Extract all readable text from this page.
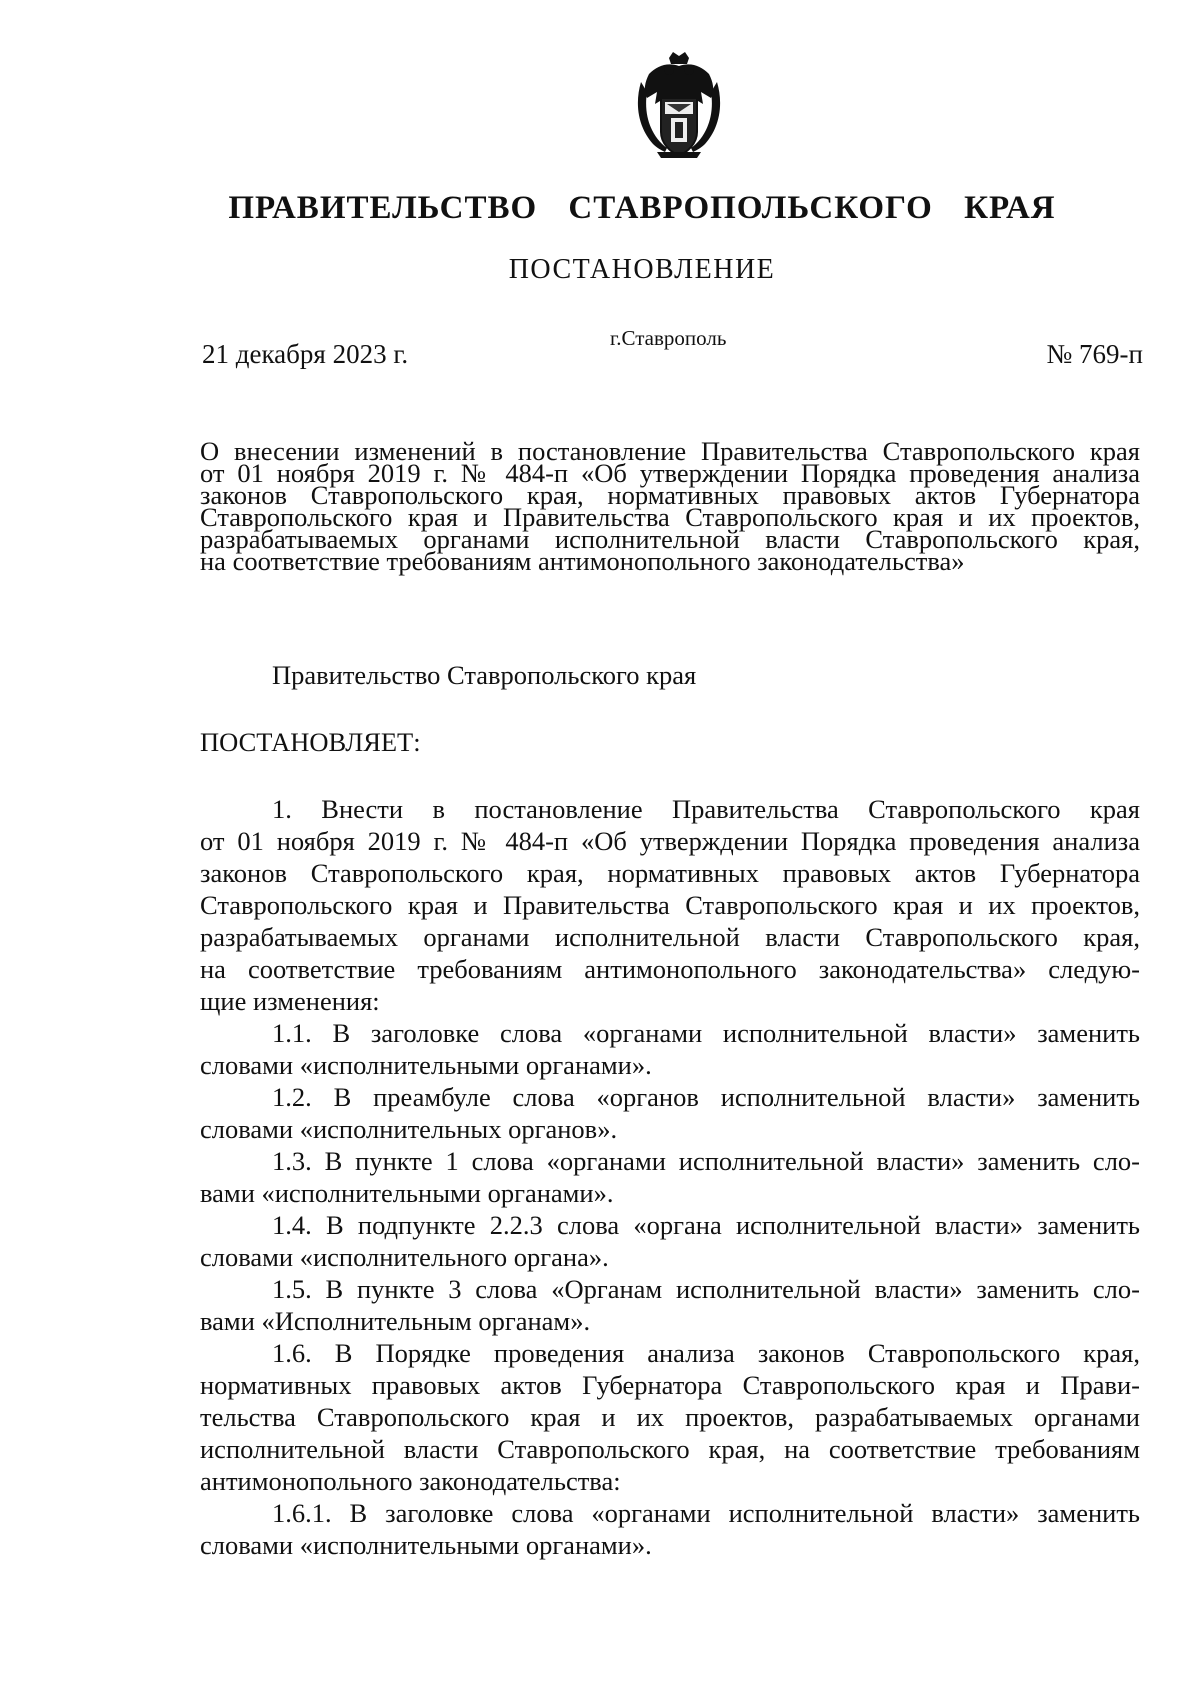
ПРАВИТЕЛЬСТВО СТАВРОПОЛЬСКОГО КРАЯ
ПОСТАНОВЛЕНИЕ
21 декабря 2023 г.
г.Ставрополь
№ 769-п
О внесении изменений в постановление Правительства Ставропольского края
от 01 ноября 2019 г. № 484-п «Об утверждении Порядка проведения анализа
законов Ставропольского края, нормативных правовых актов Губернатора
Ставропольского края и Правительства Ставропольского края и их проектов,
разрабатываемых органами исполнительной власти Ставропольского края,
на соответствие требованиям антимонопольного законодательства»
Правительство Ставропольского края
ПОСТАНОВЛЯЕТ:
1. Внести в постановление Правительства Ставропольского края
от 01 ноября 2019 г. № 484-п «Об утверждении Порядка проведения анализа
законов Ставропольского края, нормативных правовых актов Губернатора
Ставропольского края и Правительства Ставропольского края и их проектов,
разрабатываемых органами исполнительной власти Ставропольского края,
на соответствие требованиям антимонопольного законодательства» следую-
щие изменения:
1.1. В заголовке слова «органами исполнительной власти» заменить
словами «исполнительными органами».
1.2. В преамбуле слова «органов исполнительной власти» заменить
словами «исполнительных органов».
1.3. В пункте 1 слова «органами исполнительной власти» заменить сло-
вами «исполнительными органами».
1.4. В подпункте 2.2.3 слова «органа исполнительной власти» заменить
словами «исполнительного органа».
1.5. В пункте 3 слова «Органам исполнительной власти» заменить сло-
вами «Исполнительным органам».
1.6. В Порядке проведения анализа законов Ставропольского края,
нормативных правовых актов Губернатора Ставропольского края и Прави-
тельства Ставропольского края и их проектов, разрабатываемых органами
исполнительной власти Ставропольского края, на соответствие требованиям
антимонопольного законодательства:
1.6.1. В заголовке слова «органами исполнительной власти» заменить
словами «исполнительными органами».
